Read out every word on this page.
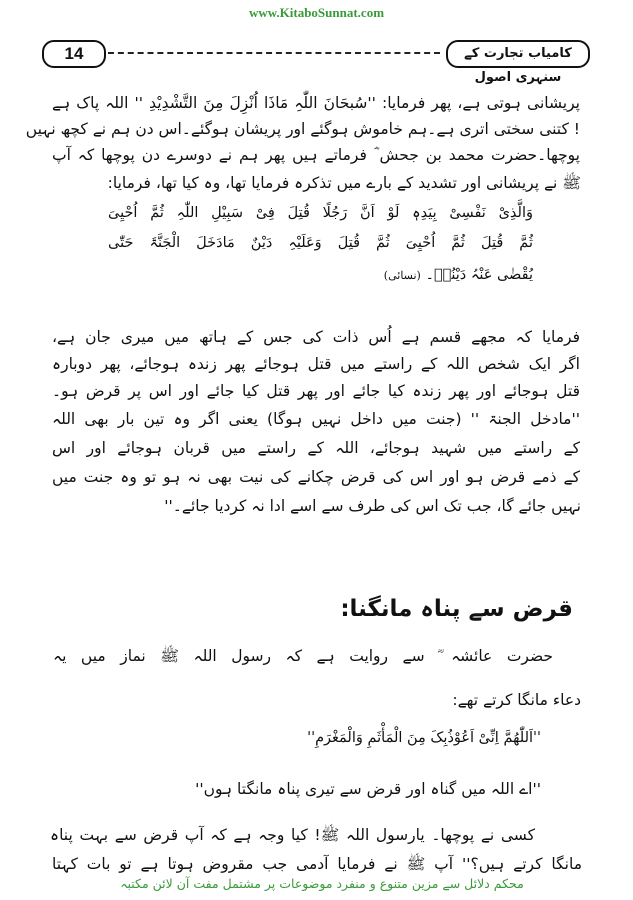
www.KitaboSunnat.com
14	کامیاب تجارت کے سنہری اصول
پریشانی ہوتی ہے، پھر فرمایا: ''سُبحَانَ اللّٰہِ مَاذَا اُنْزِلَ مِنَ التَّشْدِیْدِ '' اللہ پاک ہے
! کتنی سختی اتری ہے۔ہم خاموش ہوگئے اور پریشان ہوگئے۔اس دن ہم نے کچھ نہیں
پوچھا۔حضرت محمد بن جحش ؓ فرماتے ہیں پھر ہم نے دوسرے دن پوچھا کہ آپ
ﷺ نے پریشانی اور تشدید کے بارے میں تذکرہ فرمایا تھا، وہ کیا تھا، فرمایا:
وَالَّذِیْ نَفْسِیْ بِیَدِہٖ لَوْ اَنَّ رَجُلًا قُتِلَ فِیْ سَبِیْلِ اللّٰہِ ثُمَّ اُحْیِیَ
ثُمَّ قُتِلَ ثُمَّ اُحْیِیَ ثُمَّ قُتِلَ وَعَلَیْہِ دَیْنٌ مَادَخَلَ الْجَنَّۃَ حَتّٰی
یُقْضٰی عَنْہُ دَیْنُہٗ۔ (نسائی)
فرمایا کہ مجھے قسم ہے اُس ذات کی جس کے ہاتھ میں میری جان ہے،
اگر ایک شخص اللہ کے راستے میں قتل ہوجائے پھر زندہ ہوجائے، پھر دوبارہ
قتل ہوجائے اور پھر زندہ کیا جائے اور پھر قتل کیا جائے اور اس پر قرض ہو۔
''مادخل الجنۃ '' (جنت میں داخل نہیں ہوگا) یعنی اگر وہ تین بار بھی اللہ
کے راستے میں شہید ہوجائے، اللہ کے راستے میں قربان ہوجائے اور اس
کے ذمے قرض ہو اور اس کی قرض چکانے کی نیت بھی نہ ہو تو وہ جنت میں
نہیں جائے گا، جب تک اس کی طرف سے اسے ادا نہ کردیا جائے۔''
قرض سے پناہ مانگنا:
حضرت عائشہ ؓ سے روایت ہے کہ رسول اللہ ﷺ نماز میں یہ
دعاء مانگا کرتے تھے:
''اَللّٰھُمَّ اِنِّیْ اَعُوْذُبِکَ مِنَ الْمَأْثَمِ وَالْمَغْرَمِ''
''اے اللہ میں گناہ اور قرض سے تیری پناہ مانگتا ہوں''
کسی نے پوچھا۔ یارسول اللہ ﷺ! کیا وجہ ہے کہ آپ قرض سے بہت پناہ
مانگا کرتے ہیں؟'' آپ ﷺ نے فرمایا آدمی جب مقروض ہوتا ہے تو بات کہتا
محکم دلائل سے مزین متنوع و منفرد موضوعات پر مشتمل مفت آن لائن مکتبہ
